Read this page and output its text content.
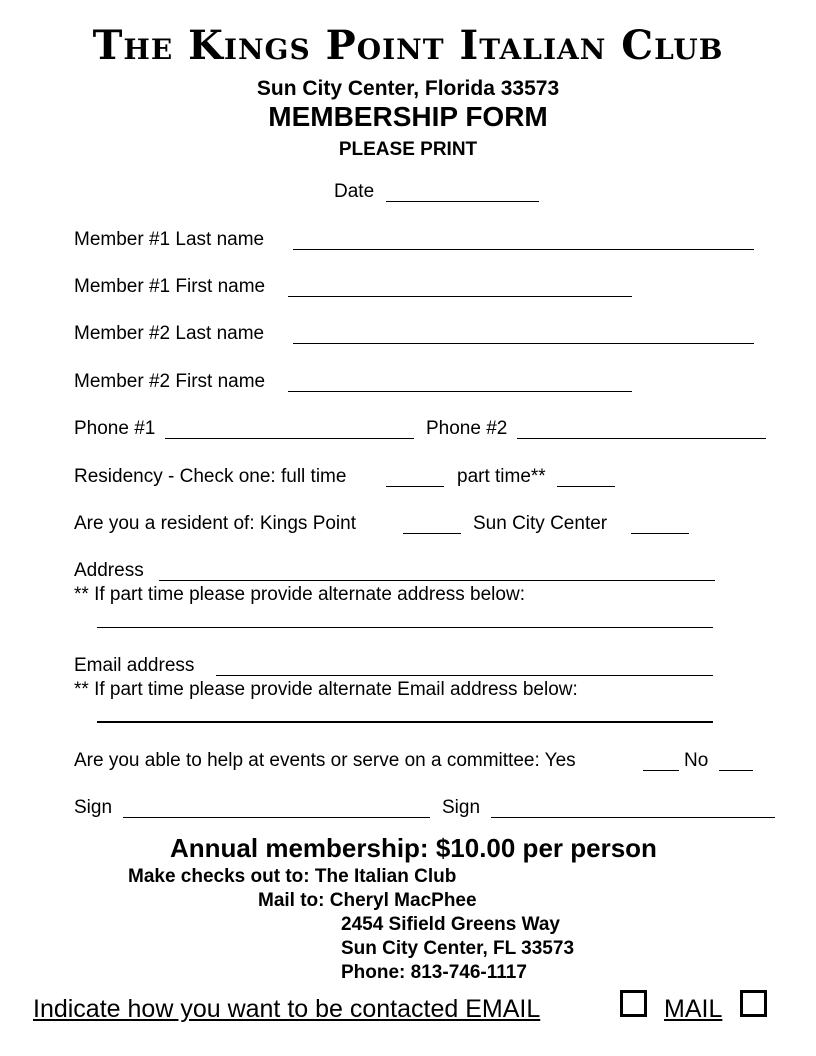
The Kings Point Italian Club
Sun City Center, Florida 33573
MEMBERSHIP FORM
PLEASE PRINT
Date
Member #1 Last name
Member #1 First name
Member #2 Last name
Member #2 First name
Phone #1	Phone #2
Residency - Check one: full time	part time**
Are you a resident of: Kings Point	Sun City Center
Address
** If part time please provide alternate address below:
Email address
** If part time please provide alternate Email address below:
Are you able to help at events or serve on a committee: Yes	No
Sign	Sign
Annual membership: $10.00 per person
Make checks out to: The Italian Club
Mail to: Cheryl MacPhee
2454 Sifield Greens Way
Sun City Center, FL 33573
Phone: 813-746-1117
Indicate how you want to be contacted EMAIL	MAIL
